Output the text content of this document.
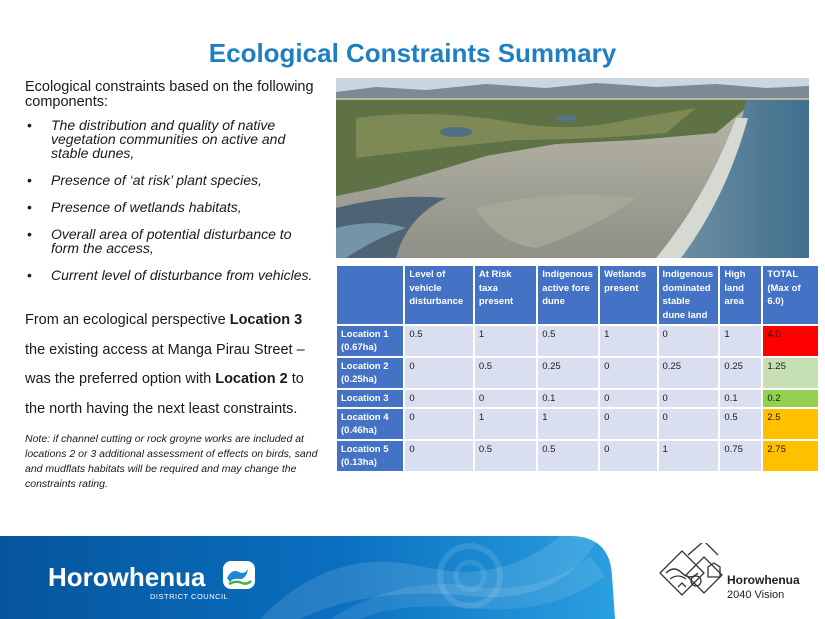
Ecological Constraints Summary
Ecological constraints based on the following components:
• The distribution and quality of native vegetation communities on active and stable dunes,
• Presence of ‘at risk’ plant species,
• Presence of wetlands habitats,
• Overall area of potential disturbance to form the access,
• Current level of disturbance from vehicles.
From an ecological perspective Location 3 the existing access at Manga Pirau Street – was the preferred option with Location 2 to the north having the next least constraints.
Note: if channel cutting or rock groyne works are included at locations 2 or 3 additional assessment of effects on birds, sand and mudflats habitats will be required and may change the constraints rating.
	Level of vehicle disturbance	At Risk taxa present	Indigenous active fore dune	Wetlands present	Indigenous dominated stable dune land	High land area	TOTAL (Max of 6.0)
Location 1 (0.67ha)	0.5	1	0.5	1	0	1	4.0
Location 2 (0.25ha)	0	0.5	0.25	0	0.25	0.25	1.25
Location 3	0	0	0.1	0	0	0.1	0.2
Location 4 (0.46ha)	0	1	1	0	0	0.5	2.5
Location 5 (0.13ha)	0	0.5	0.5	0	1	0.75	2.75
Horowhenua
DISTRICT COUNCIL
Horowhenua
2040 Vision
